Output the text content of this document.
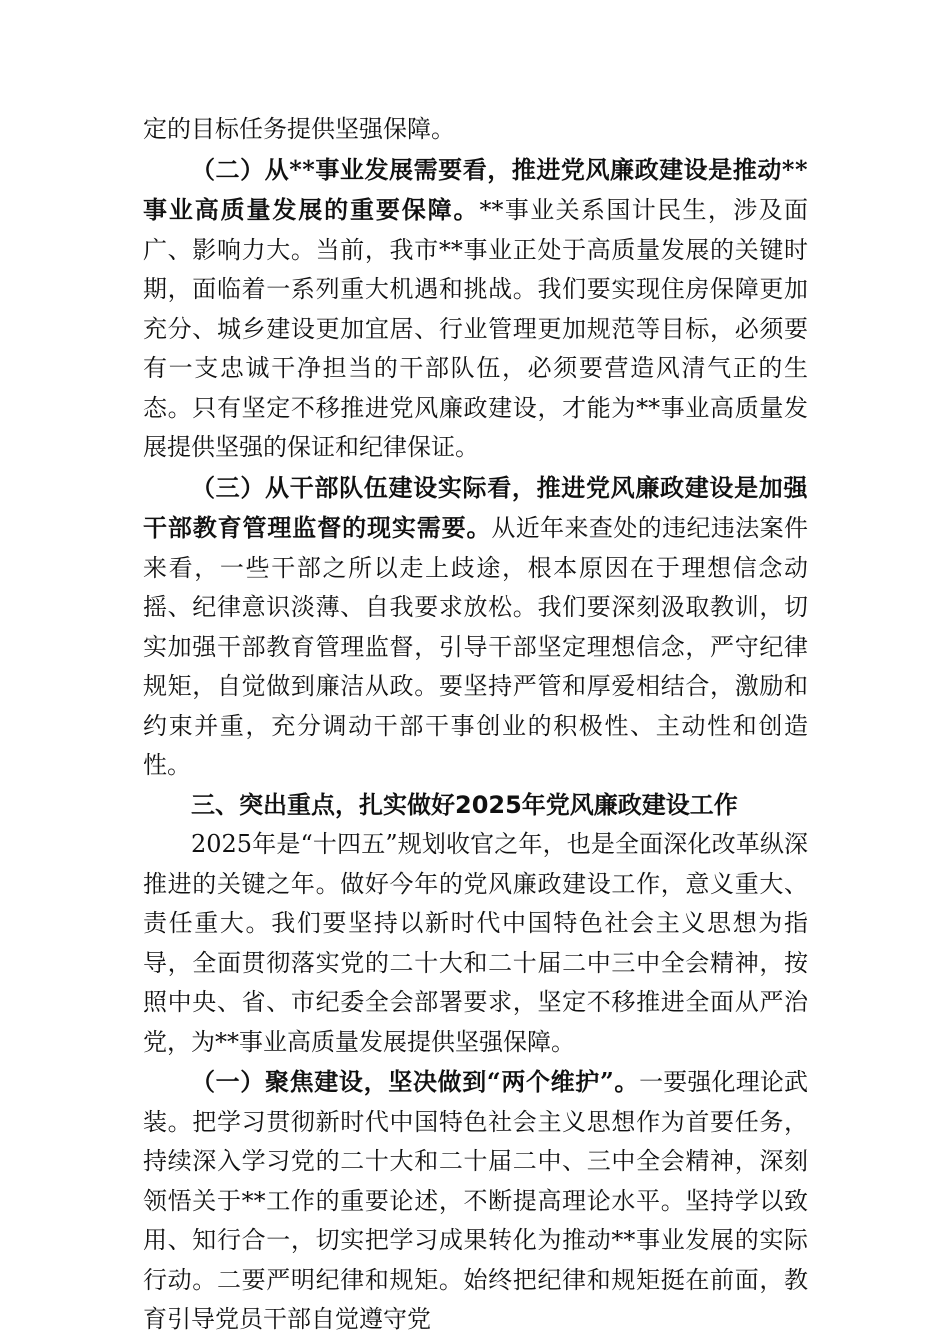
定的目标任务提供坚强保障。

（二）从**事业发展需要看，推进党风廉政建设是推动**事业高质量发展的重要保障。**事业关系国计民生，涉及面广、影响力大。当前，我市**事业正处于高质量发展的关键时期，面临着一系列重大机遇和挑战。我们要实现住房保障更加充分、城乡建设更加宜居、行业管理更加规范等目标，必须要有一支忠诚干净担当的干部队伍，必须要营造风清气正的生态。只有坚定不移推进党风廉政建设，才能为**事业高质量发展提供坚强的保证和纪律保证。

（三）从干部队伍建设实际看，推进党风廉政建设是加强干部教育管理监督的现实需要。从近年来查处的违纪违法案件来看，一些干部之所以走上歧途，根本原因在于理想信念动摇、纪律意识淡薄、自我要求放松。我们要深刻汲取教训，切实加强干部教育管理监督，引导干部坚定理想信念，严守纪律规矩，自觉做到廉洁从政。要坚持严管和厚爱相结合，激励和约束并重，充分调动干部干事创业的积极性、主动性和创造性。

三、突出重点，扎实做好2025年党风廉政建设工作

2025年是“十四五”规划收官之年，也是全面深化改革纵深推进的关键之年。做好今年的党风廉政建设工作，意义重大、责任重大。我们要坚持以新时代中国特色社会主义思想为指导，全面贯彻落实党的二十大和二十届二中三中全会精神，按照中央、省、市纪委全会部署要求，坚定不移推进全面从严治党，为**事业高质量发展提供坚强保障。

（一）聚焦建设，坚决做到“两个维护”。一要强化理论武装。把学习贯彻新时代中国特色社会主义思想作为首要任务，持续深入学习党的二十大和二十届二中、三中全会精神，深刻领悟关于**工作的重要论述，不断提高理论水平。坚持学以致用、知行合一，切实把学习成果转化为推动**事业发展的实际行动。二要严明纪律和规矩。始终把纪律和规矩挺在前面，教育引导党员干部自觉遵守党
